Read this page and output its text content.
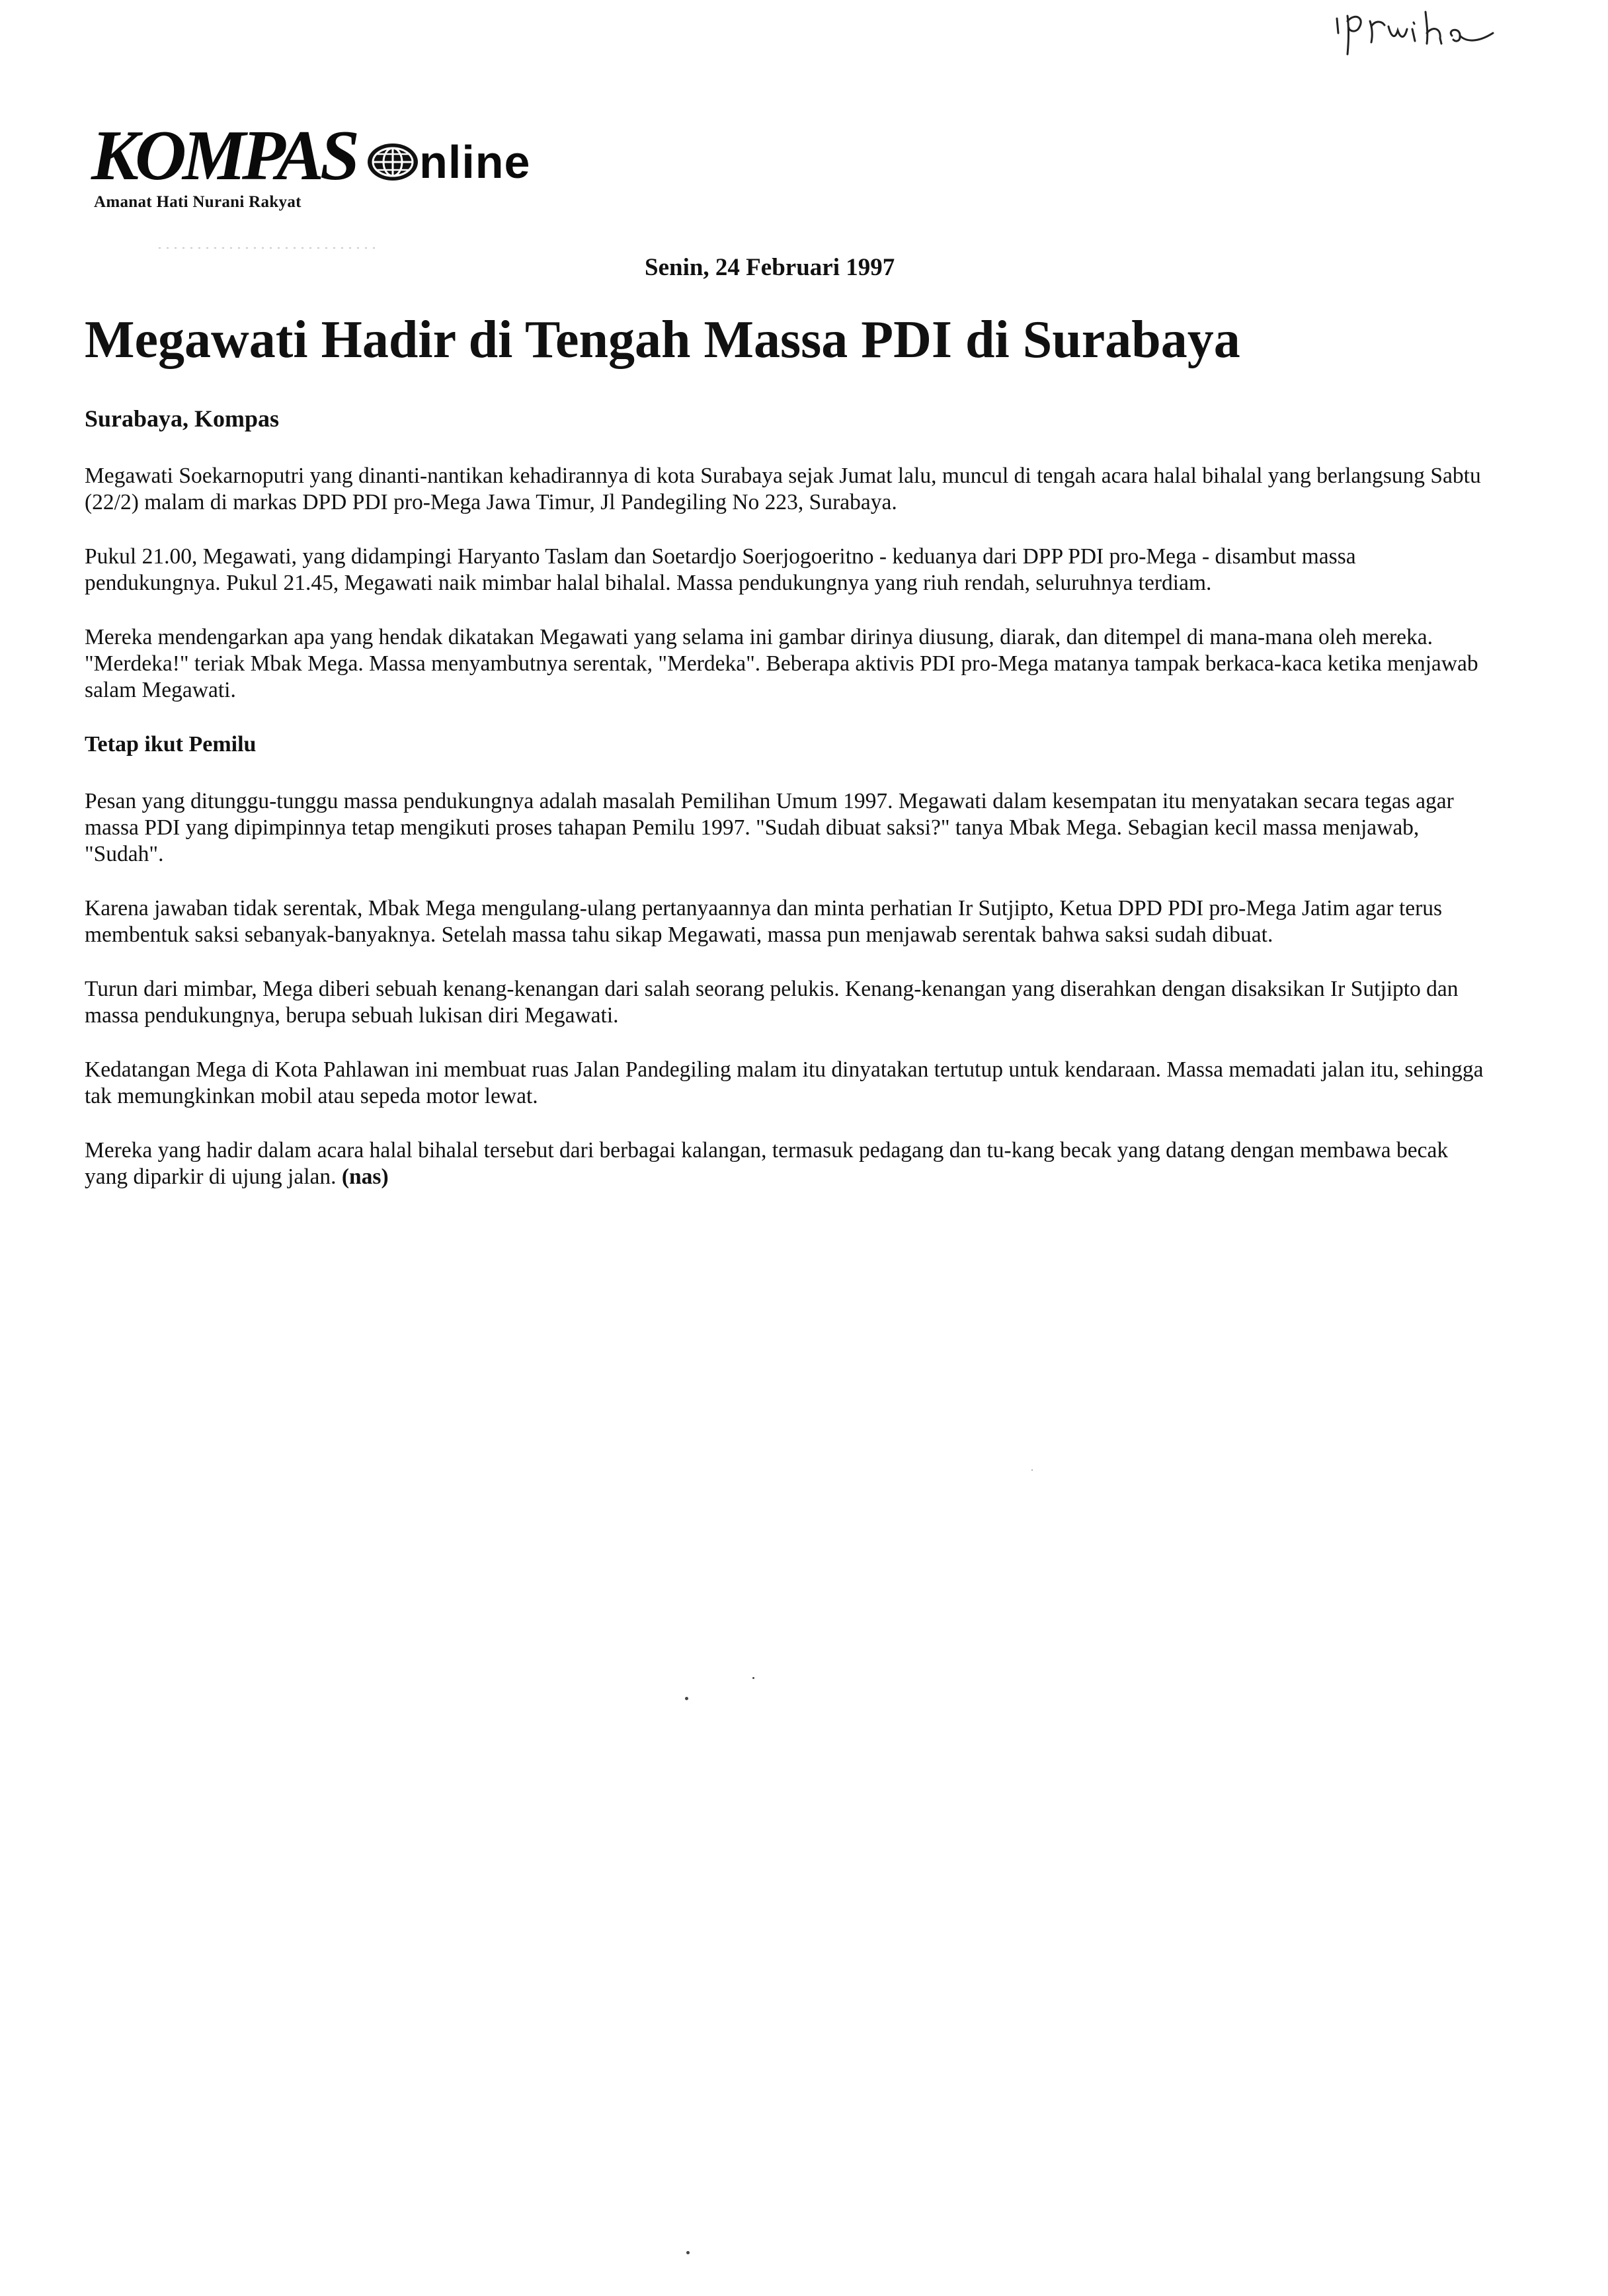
KOMPAS nline
Amanat Hati Nurani Rakyat
Senin, 24 Februari 1997
Megawati Hadir di Tengah Massa PDI di Surabaya
Surabaya, Kompas

Megawati Soekarnoputri yang dinanti-nantikan kehadirannya di kota Surabaya sejak Jumat lalu, muncul di tengah acara halal bihalal yang berlangsung Sabtu (22/2) malam di markas DPD PDI pro-Mega Jawa Timur, Jl Pandegiling No 223, Surabaya.

Pukul 21.00, Megawati, yang didampingi Haryanto Taslam dan Soetardjo Soerjogoeritno - keduanya dari DPP PDI pro-Mega - disambut massa pendukungnya. Pukul 21.45, Megawati naik mimbar halal bihalal. Massa pendukungnya yang riuh rendah, seluruhnya terdiam.

Mereka mendengarkan apa yang hendak dikatakan Megawati yang selama ini gambar dirinya diusung, diarak, dan ditempel di mana-mana oleh mereka. "Merdeka!" teriak Mbak Mega. Massa menyambutnya serentak, "Merdeka". Beberapa aktivis PDI pro-Mega matanya tampak berkaca-kaca ketika menjawab salam Megawati.

Tetap ikut Pemilu

Pesan yang ditunggu-tunggu massa pendukungnya adalah masalah Pemilihan Umum 1997. Megawati dalam kesempatan itu menyatakan secara tegas agar massa PDI yang dipimpinnya tetap mengikuti proses tahapan Pemilu 1997. "Sudah dibuat saksi?" tanya Mbak Mega. Sebagian kecil massa menjawab, "Sudah".

Karena jawaban tidak serentak, Mbak Mega mengulang-ulang pertanyaannya dan minta perhatian Ir Sutjipto, Ketua DPD PDI pro-Mega Jatim agar terus membentuk saksi sebanyak-banyaknya. Setelah massa tahu sikap Megawati, massa pun menjawab serentak bahwa saksi sudah dibuat.

Turun dari mimbar, Mega diberi sebuah kenang-kenangan dari salah seorang pelukis. Kenang-kenangan yang diserahkan dengan disaksikan Ir Sutjipto dan massa pendukungnya, berupa sebuah lukisan diri Megawati.

Kedatangan Mega di Kota Pahlawan ini membuat ruas Jalan Pandegiling malam itu dinyatakan tertutup untuk kendaraan. Massa memadati jalan itu, sehingga tak memungkinkan mobil atau sepeda motor lewat.

Mereka yang hadir dalam acara halal bihalal tersebut dari berbagai kalangan, termasuk pedagang dan tu-kang becak yang datang dengan membawa becak yang diparkir di ujung jalan. (nas)
